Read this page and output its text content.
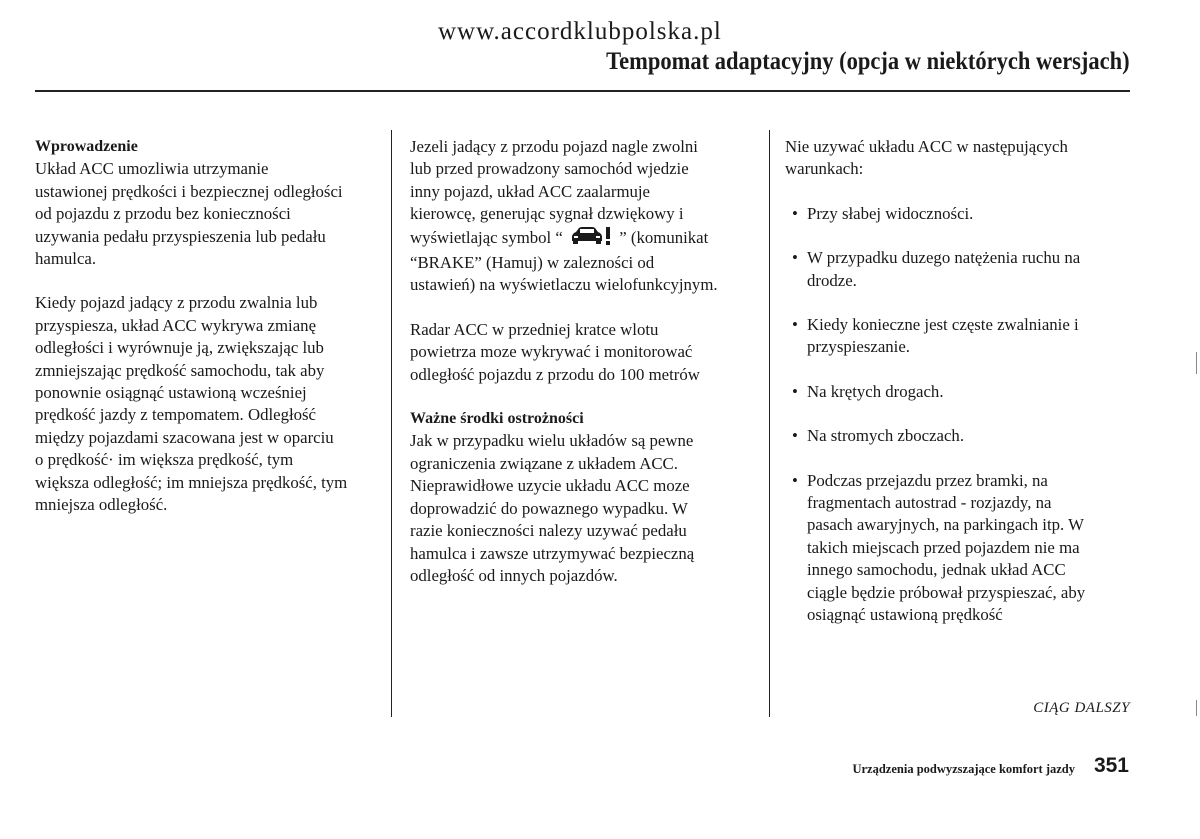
www.accordklubpolska.pl
Tempomat adaptacyjny (opcja w niektórych wersjach)
Wprowadzenie
Układ ACC umozliwia utrzymanie
ustawionej prędkości i bezpiecznej odległości
od pojazdu z przodu bez konieczności
uzywania pedału przyspieszenia lub pedału
hamulca.
Kiedy pojazd jadący z przodu zwalnia lub
przyspiesza, układ ACC wykrywa zmianę
odległości i wyrównuje ją, zwiększając lub
zmniejszając prędkość samochodu, tak aby
ponownie osiągnąć ustawioną wcześniej
prędkość jazdy z tempomatem. Odległość
między pojazdami szacowana jest w oparciu
o prędkość· im większa prędkość, tym
większa odległość; im mniejsza prędkość, tym
mniejsza odległość.
Jezeli jadący z przodu pojazd nagle zwolni
lub przed prowadzony samochód wjedzie
inny pojazd, układ ACC zaalarmuje
kierowcę, generując sygnał dzwiękowy i
wyświetlając symbol “	” (komunikat
“BRAKE” (Hamuj) w zalezności od
ustawień) na wyświetlaczu wielofunkcyjnym.
Radar ACC w przedniej kratce wlotu
powietrza moze wykrywać i monitorować
odległość pojazdu z przodu do 100 metrów
Ważne środki ostrożności
Jak w przypadku wielu układów są pewne
ograniczenia związane z układem ACC.
Nieprawidłowe uzycie układu ACC moze
doprowadzić do powaznego wypadku. W
razie konieczności nalezy uzywać pedału
hamulca i zawsze utrzymywać bezpieczną
odległość od innych pojazdów.
Nie uzywać układu ACC w następujących
warunkach:
• Przy słabej widoczności.
• W przypadku duzego natężenia ruchu na
drodze.
• Kiedy konieczne jest częste zwalnianie i
przyspieszanie.
• Na krętych drogach.
• Na stromych zboczach.
• Podczas przejazdu przez bramki, na
fragmentach autostrad - rozjazdy, na
pasach awaryjnych, na parkingach itp. W
takich miejscach przed pojazdem nie ma
innego samochodu, jednak układ ACC
ciągle będzie próbował przyspieszać, aby
osiągnąć ustawioną prędkość
CIĄG DALSZY
Urządzenia podwyzszające komfort jazdy 351
